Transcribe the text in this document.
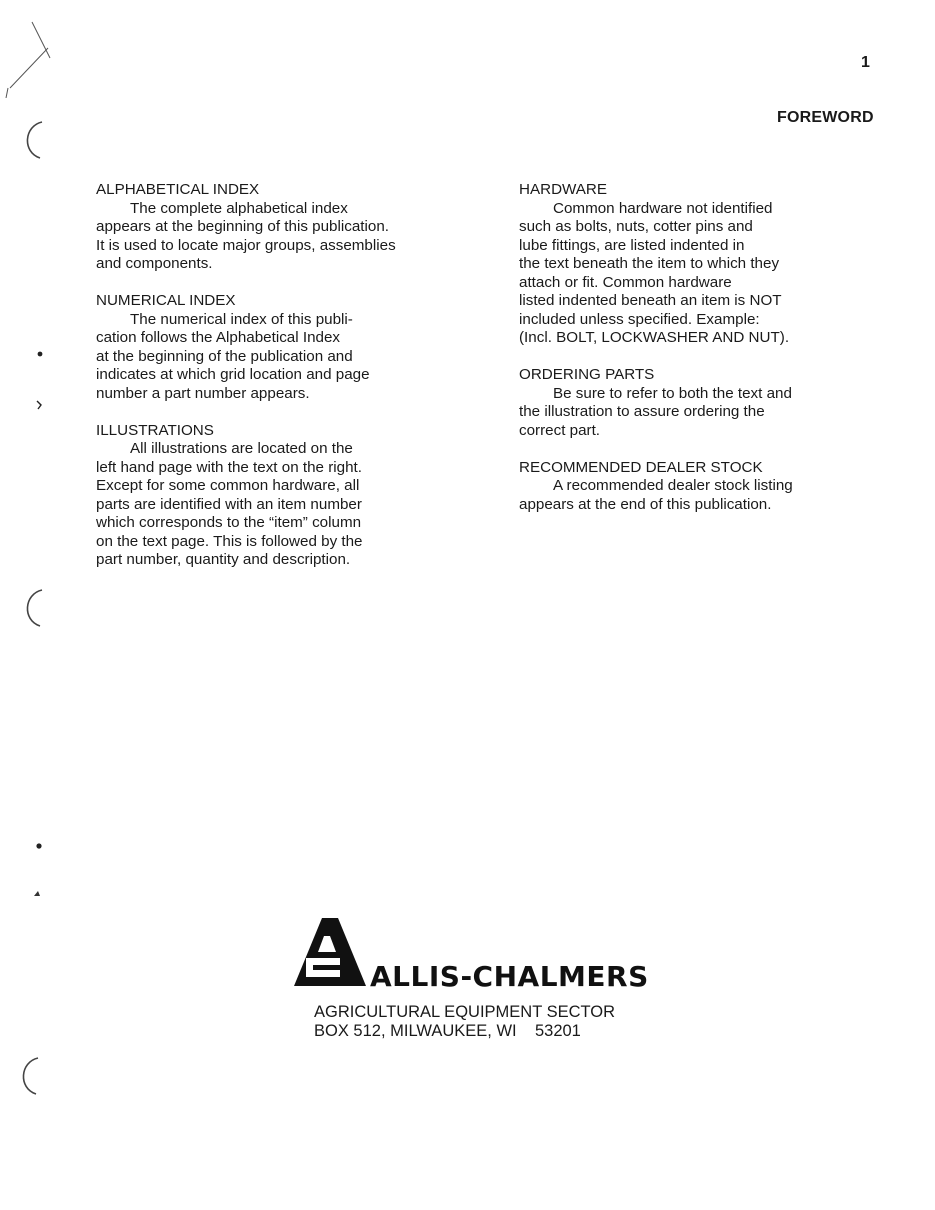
1
FOREWORD
ALPHABETICAL INDEX
The complete alphabetical index
appears at the beginning of this publication.
It is used to locate major groups, assemblies
and components.
NUMERICAL INDEX
The numerical index of this publi-
cation follows the Alphabetical Index
at the beginning of the publication and
indicates at which grid location and page
number a part number appears.
ILLUSTRATIONS
All illustrations are located on the
left hand page with the text on the right.
Except for some common hardware, all
parts are identified with an item number
which corresponds to the “item” column
on the text page. This is followed by the
part number, quantity and description.
HARDWARE
Common hardware not identified
such as bolts, nuts, cotter pins and
lube fittings, are listed indented in
the text beneath the item to which they
attach or fit. Common hardware
listed indented beneath an item is NOT
included unless specified. Example:
(Incl. BOLT, LOCKWASHER AND NUT).
ORDERING PARTS
Be sure to refer to both the text and
the illustration to assure ordering the
correct part.
RECOMMENDED DEALER STOCK
A recommended dealer stock listing
appears at the end of this publication.
ALLIS-CHALMERS
AGRICULTURAL EQUIPMENT SECTOR
BOX 512, MILWAUKEE, WI    53201
